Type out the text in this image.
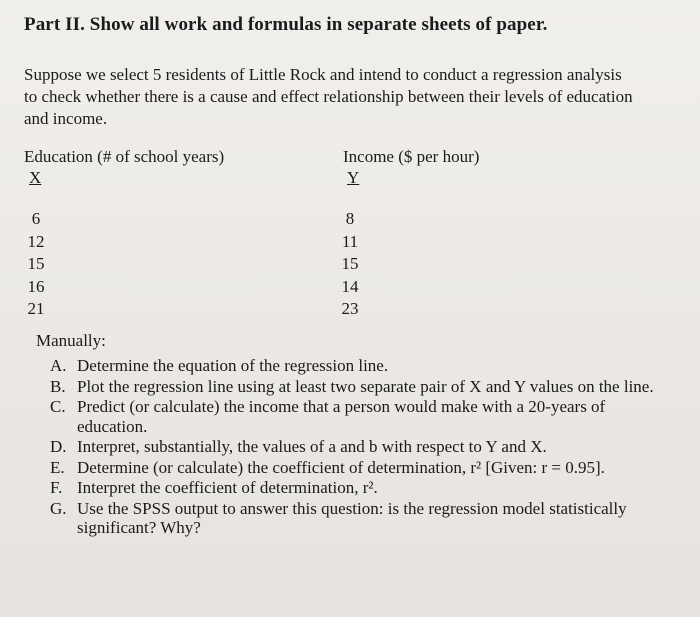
Part II. Show all work and formulas in separate sheets of paper.
Suppose we select 5 residents of Little Rock and intend to conduct a regression analysis
to check whether there is a cause and effect relationship between their levels of education
and income.
Education (# of school years)
X
Income ($ per hour)
Y
6
12
15
16
21
8
11
15
14
23
Manually:
A. Determine the equation of the regression line.
B. Plot the regression line using at least two separate pair of X and Y values on the line.
C. Predict (or calculate) the income that a person would make with a 20-years of education.
D. Interpret, substantially, the values of a and b with respect to Y and X.
E. Determine (or calculate) the coefficient of determination, r² [Given: r = 0.95].
F. Interpret the coefficient of determination, r².
G. Use the SPSS output to answer this question: is the regression model statistically significant? Why?
